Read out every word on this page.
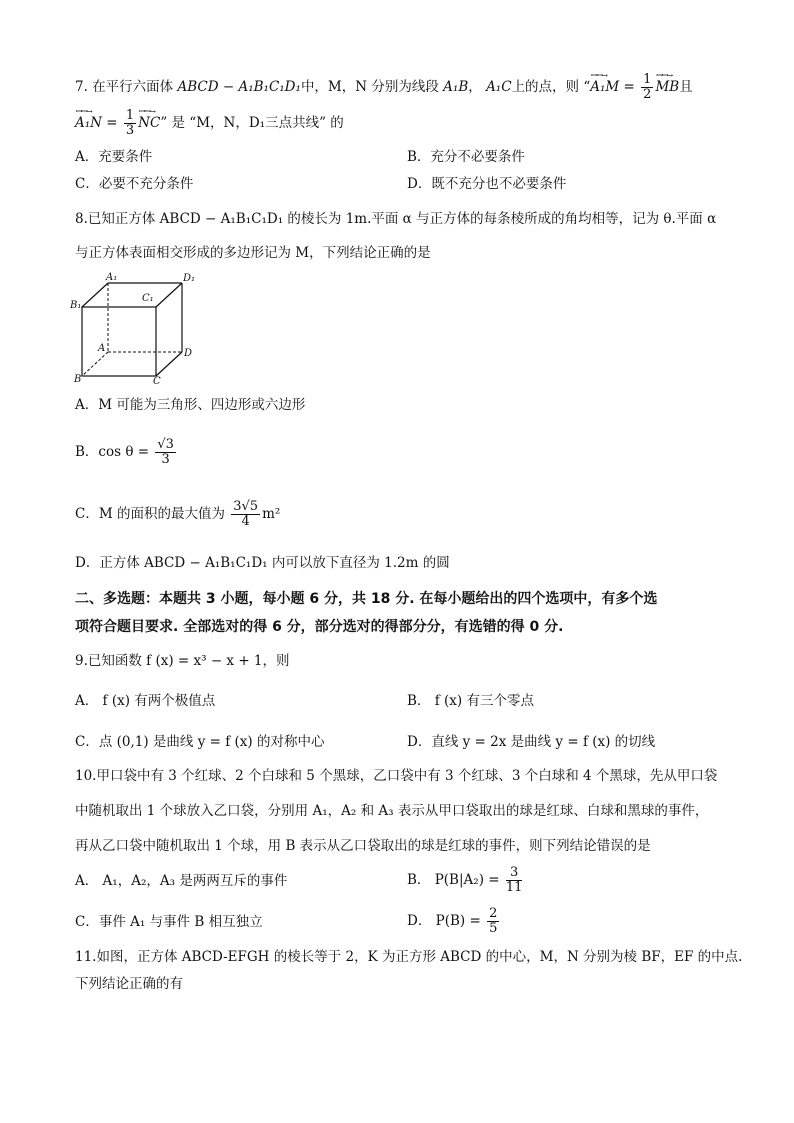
7. 在平行六面体 ABCD − A₁B₁C₁D₁中，M，N 分别为线段 A₁B， A₁C上的点，则 “
ꟷꟷ→
$A_1M = \frac{1}{2}$ ꟷꟷ→
MB且
ꟷꟷ→
$A_1N = \frac{1}{3}$ ꟷꟷ→
NC” 是 “M，N，D₁三点共线” 的
A．充要条件	B．充分不必要条件
C．必要不充分条件	D．既不充分也不必要条件
8.已知正方体 ABCD − A₁B₁C₁D₁ 的棱长为 1m.平面 α 与正方体的每条棱所成的角均相等，记为 θ.平面 α
与正方体表面相交形成的多边形记为 M，下列结论正确的是
A₁	D₁
B₁
C₁
A	D
B	C
A．M 可能为三角形、四边形或六边形
B．$\cos \theta = \frac{√3}{3}$
C．M 的面积的最大值为 $\frac{3√5}{4} m^2$
D．正方体 ABCD − A₁B₁C₁D₁ 内可以放下直径为 1.2m 的圆
二、多选题：本题共 3 小题，每小题 6 分，共 18 分. 在每小题给出的四个选项中，有多个选
项符合题目要求. 全部选对的得 6 分，部分选对的得部分分，有选错的得 0 分.
9.已知函数 f (x) = x³ − x + 1，则
A． f (x) 有两个极值点	B． f (x) 有三个零点
C．点 (0,1) 是曲线 y = f (x) 的对称中心	D．直线 y = 2x 是曲线 y = f (x) 的切线
10.甲口袋中有 3 个红球、2 个白球和 5 个黑球，乙口袋中有 3 个红球、3 个白球和 4 个黑球，先从甲口袋
中随机取出 1 个球放入乙口袋，分别用 A₁，A₂ 和 A₃ 表示从甲口袋取出的球是红球、白球和黑球的事件，
再从乙口袋中随机取出 1 个球，用 B 表示从乙口袋取出的球是红球的事件，则下列结论错误的是
A． A₁，A₂，A₃ 是两两互斥的事件	B． $P(B|A_2) = \frac{3}{11}$
C．事件 A₁ 与事件 B 相互独立	D． $P(B) = \frac{2}{5}$
11.如图，正方体 ABCD-EFGH 的棱长等于 2，K 为正方形 ABCD 的中心，M，N 分别为棱 BF，EF 的中点.
下列结论正确的有
